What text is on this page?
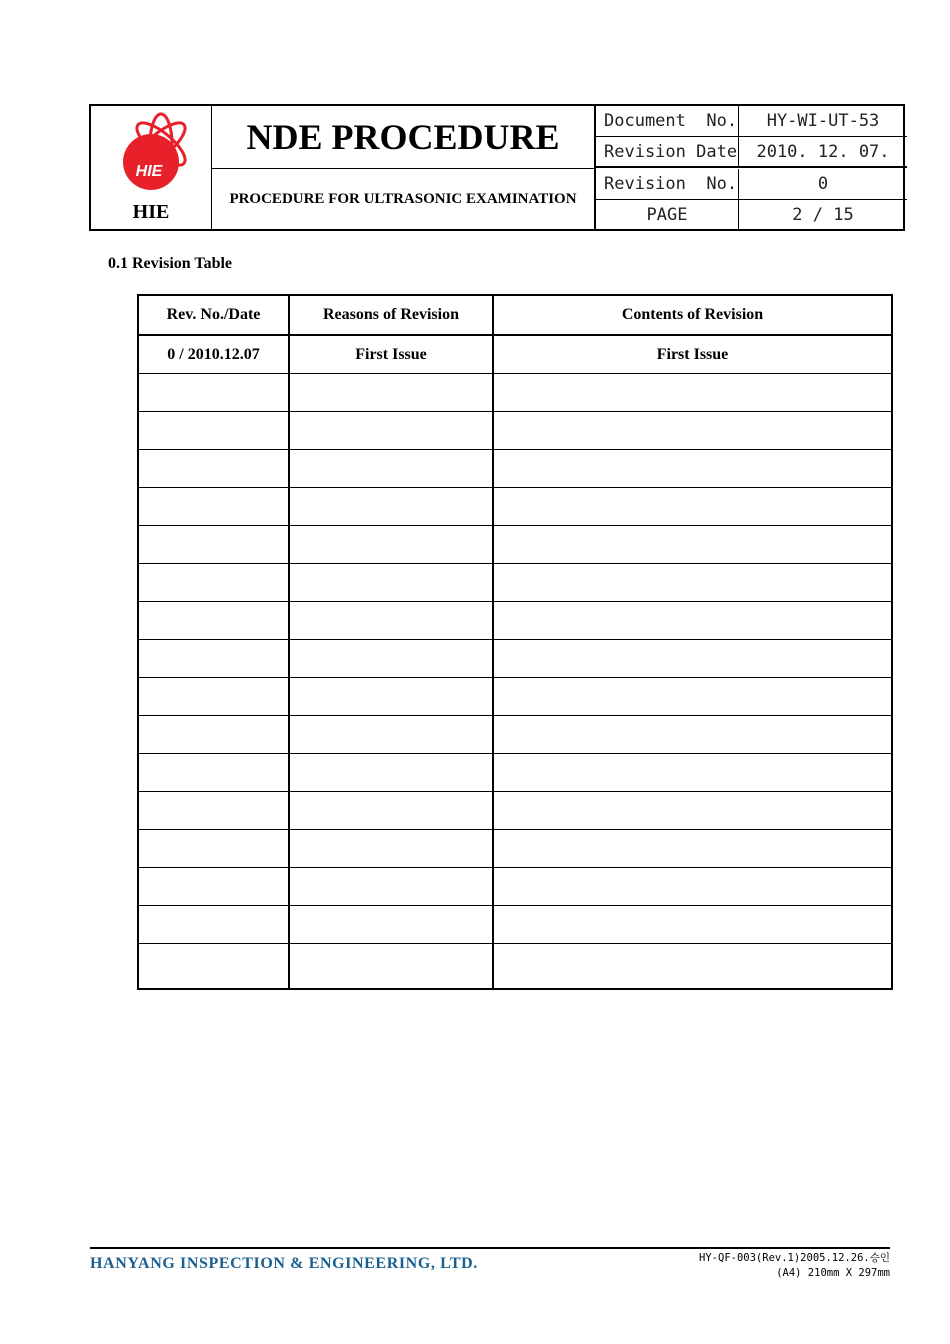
HIE
HIE
NDE PROCEDURE
PROCEDURE FOR ULTRASONIC EXAMINATION
Document  No.	HY-WI-UT-53
Revision Date	2010. 12. 07.
Revision  No.	0
PAGE	2 / 15
0.1 Revision Table
Rev. No./Date	Reasons of Revision	Contents of Revision
0 / 2010.12.07	First Issue	First Issue

HANYANG INSPECTION & ENGINEERING, LTD.	HY-QF-003(Rev.1)2005.12.26.승인
(A4) 210mm X 297mm
